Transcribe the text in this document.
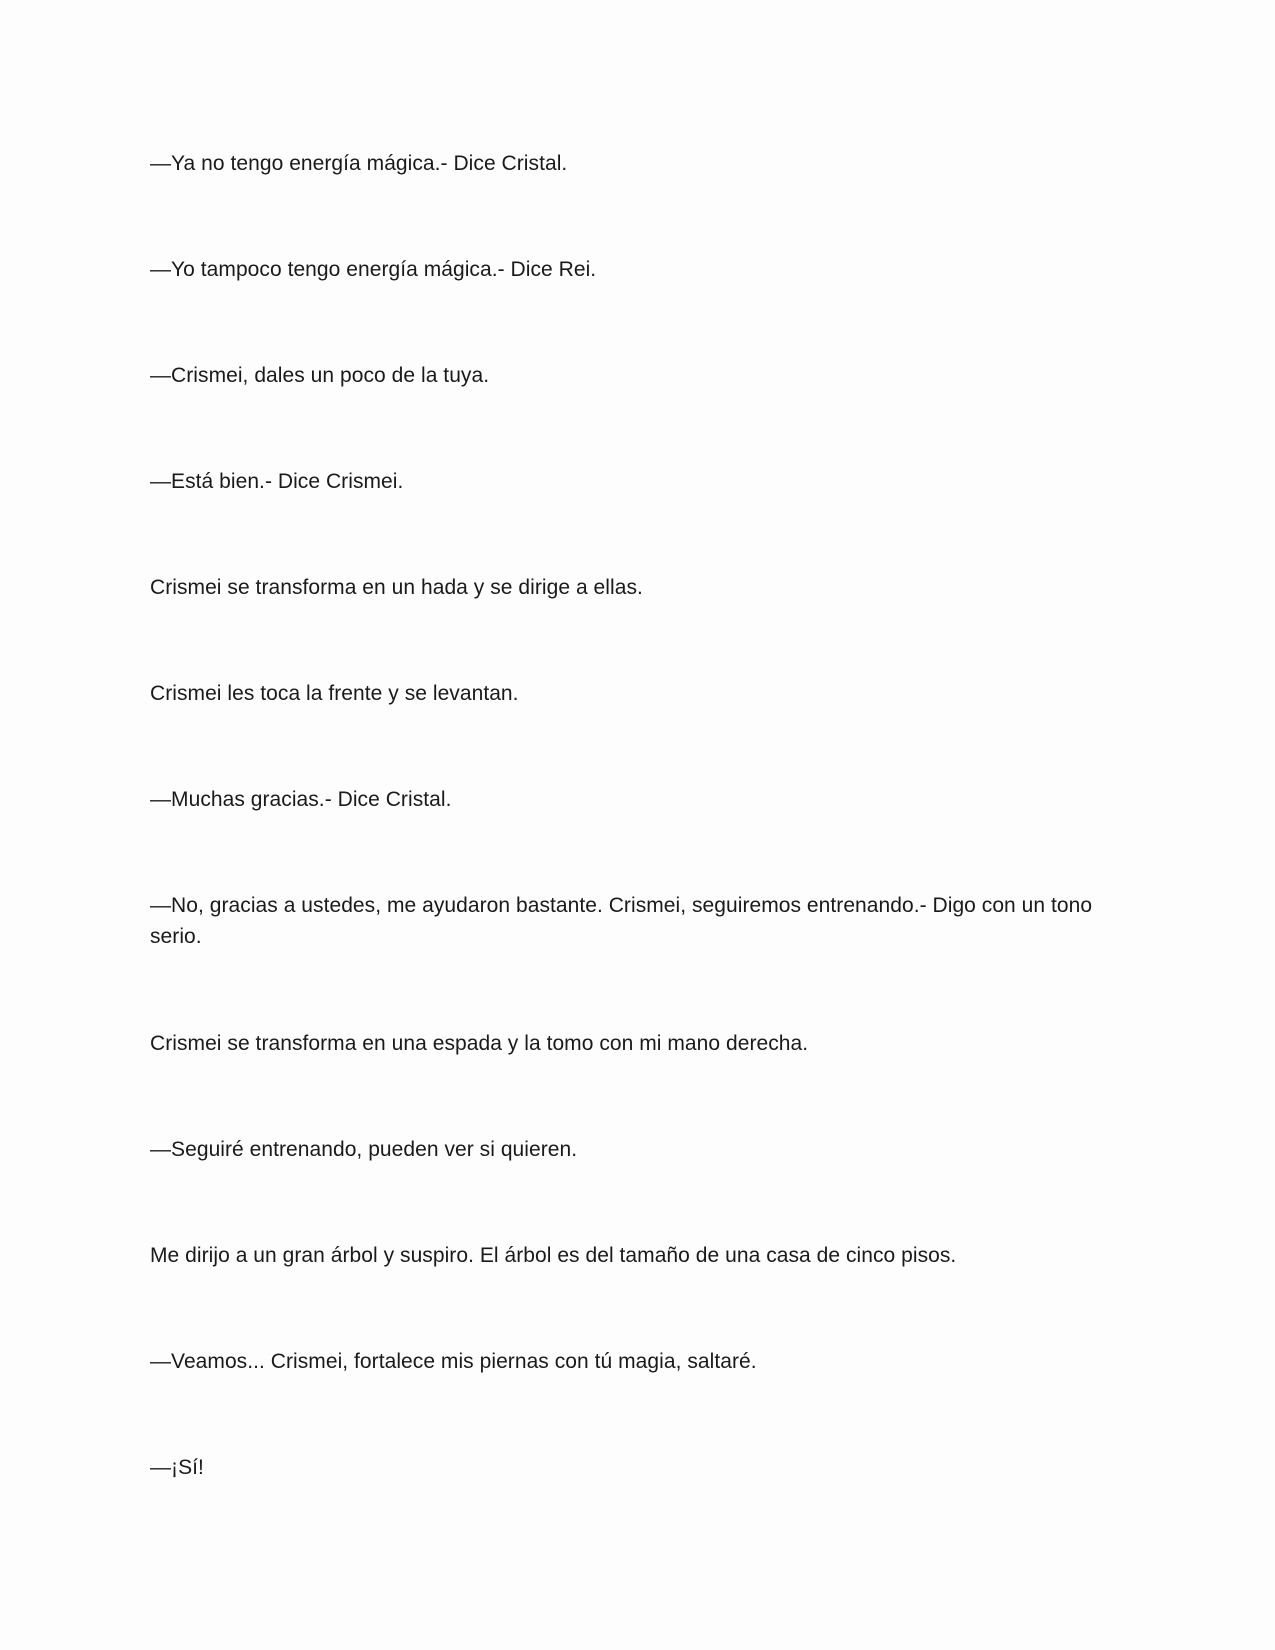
—Ya no tengo energía mágica.- Dice Cristal.

—Yo tampoco tengo energía mágica.- Dice Rei.

—Crismei, dales un poco de la tuya.

—Está bien.- Dice Crismei.

Crismei se transforma en un hada y se dirige a ellas.

Crismei les toca la frente y se levantan.

—Muchas gracias.- Dice Cristal.

—No, gracias a ustedes, me ayudaron bastante. Crismei, seguiremos entrenando.- Digo con un tono serio.

Crismei se transforma en una espada y la tomo con mi mano derecha.

—Seguiré entrenando, pueden ver si quieren.

Me dirijo a un gran árbol y suspiro. El árbol es del tamaño de una casa de cinco pisos.

—Veamos... Crismei, fortalece mis piernas con tú magia, saltaré.

—¡Sí!
